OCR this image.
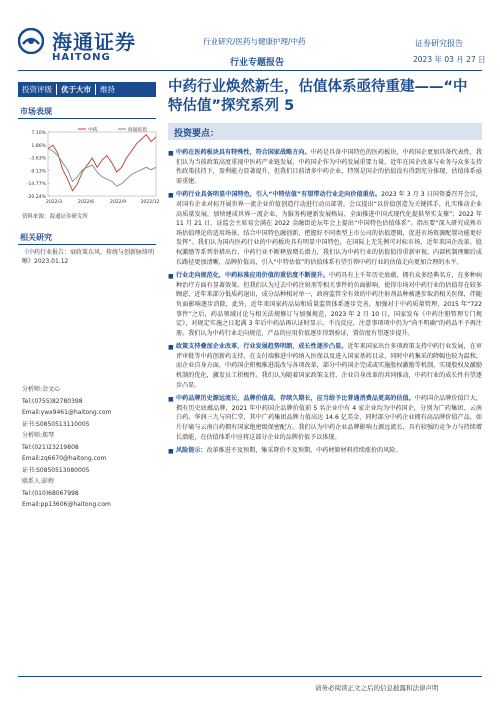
海通证券
HAITONG
行业研究/医药与健康护理/中药
行业专题报告
证券研究报告
2023 年 03 月 27 日
投资评级	优于大市	维持	中药行业焕然新生，估值体系亟待重建——“中特估值”探究系列 5
市场表现
7.10%
1.86%
-3.63%
-9.13%
-14.77%
-20.24%
2022/3	2022/6	2022/9	2022/12
中药	海通综指
资料来源：海通证券研究所
相关研究
《中药行业报告：衰政策东风，传统与创新脉络明晰》2023.01.12
分析师:余文心
Tel:(0755)82780398
Email:ywx9461@haitong.com
证书:S0850513110005
分析师:郑琴
Tel:(021)23219808
Email:zq6670@haitong.com
证书:S0850513080005
联系人:彭娉
Tel:(010)68067998
Email:pp13606@haitong.com
投资要点：
■ 中药在医药板块具有特殊性，符合国家战略方向。中药是具备中国特色的医药板块，中药国企更加具备代表性，我们认为当前政策高度重视中医药产业链发展，中药国企作为中药发展重要力量，近年在国企改革与业务与众多支持性政策扶持下，盈利能力显著提升，但我们目前请多中药企业，特别是国企的估值没有得到充分体现，估值体系亟需重建。
■ 中药行业具备明显中国特色，引入“中特估值”有望带动行业走向价值重估。2023 年 3 月 3 日国资委召开会议，对国有企业对标开展世界一流企业价值创造行动进行动员部署。会议提出“以价值创造为关键抓手，扎实推动企业高质量发展，加快建成世界一流企业，为服务构建新发展格局、全面推进中国式现代化提供坚实支撑”；2022 年 11 月 21 日，证监会主席易会满在 2022 金融街论坛年会上提出“中国特色估值体系”。指出要“深入研究成熟市场估值理论的适用场景，结合中国特色融创新，把握好不同类型上市公司的估值逻辑，促进市场资源配置功能更好发挥”。我们认为国内医药行业的中药板块具有明显中国特色，在国际上无先例可对标市场，近年来国企改革、股权激励等系列举措出台，中药行业不断释放增长潜力，我们认为中药行业的估值值得重新审视。内部机制理顺后成长路径更加清晰，品牌价值高，引入“中特估值”的估值体系有望引领中药行业的估值走向更加合理的水平。
■ 行业走向规范化，中药标准应用价值的重估度不断提升。中药具有上千年历史底蕴，拥有众多经典名方，在多种病种治疗方面有显著效果。但我们认为过去中药注射剂等相关事件的负面影响，使得市场对中药行业的估值存在较多顾虑，近年来部分低质药退出，成分品种相对单一，政府监管全有效的中药注射剂品种被逐步取消相关医保，伴随负面影响逐步消除，此外，近年来国家药品局和质量监管体系逐步完善，加强对于中药质量管理，2015 年“722 事件”之后，药品领域讨论与相关法规修订与加强规范，2023 年 2 月 10 日，国家发布《中药注册管理专门规定》，对规定实施之日起满 3 年后中药品再认证时显示，不良反应，注意事项项中仍为“尚不明确”的药品不予再注册。我们认为中药行业走向规范，产品的应用价值逐步得到验证，置信度有望逐步提升。
■ 政策支持叠加企业改革，行业发展趋势明朗，成长性逐步凸显。近年来国家出台多项政策支持中药行业发展，在审评审批等中药创新药支持，在支付端推进中药纳入医保以及进入国家基药目录，同时中药集采的降幅也较为温和，而企业自身方面，中药国企积极推进混改与各项改革，部分中药国企完成或实施股权激励等机制，实现股权及激励机制的优化，激发员工积极性。我们认为随着国家政策支持、企业自身改革的共同推动，中药行业的成长性有望逐步凸显。
■ 中药品牌历史源远流长，品牌价值高，存续久期长，应当给予比普通消费品更高的估值。中药国企品牌价值巨大，拥有历史底蕴品牌，2021 年中药国企品牌价值前 5 名企业中有 4 家企业均为中药国企，分别为广药集团、云南白药、华润三九与同仁堂，其中广药集团品牌力值高达 14.6 亿美金，同时部分中药企业拥有高品牌价值产品，如片仔癀与云南白药拥有国家绝密级保密配方。我们认为中药企业品牌影响力源远流长，具有较强的竞争力与持续增长潜能，在估值体系中应将这部分企业的品牌价值予以体现。
■ 风险提示：改革推进不及预期、集采降价不及预期、中药材原材料持续涨价的风险。
请务必阅读正文之后的信息披露和法律声明
